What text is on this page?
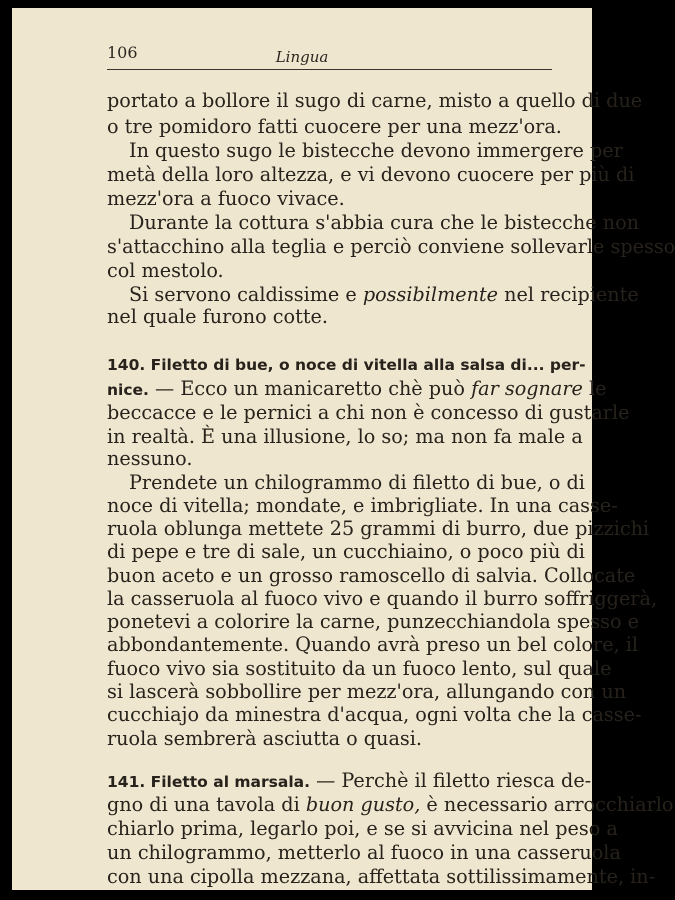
106	Lingua
portato a bollore il sugo di carne, misto a quello di due
o tre pomidoro fatti cuocere per una mezz'ora.
In questo sugo le bistecche devono immergere per
metà della loro altezza, e vi devono cuocere per più di
mezz'ora a fuoco vivace.
Durante la cottura s'abbia cura che le bistecche non
s'attacchino alla teglia e perciò conviene sollevarle spesso
col mestolo.
Si servono caldissime e possibilmente nel recipiente
nel quale furono cotte.
140. Filetto di bue, o noce di vitella alla salsa di... per-
nice. — Ecco un manicaretto chè può far sognare le
beccacce e le pernici a chi non è concesso di gustarle
in realtà. È una illusione, lo so; ma non fa male a
nessuno.
Prendete un chilogrammo di filetto di bue, o di
noce di vitella; mondate, e imbrigliate. In una casse-
ruola oblunga mettete 25 grammi di burro, due pizzichi
di pepe e tre di sale, un cucchiaino, o poco più di
buon aceto e un grosso ramoscello di salvia. Collocate
la casseruola al fuoco vivo e quando il burro soffriggerà,
ponetevi a colorire la carne, punzecchiandola spesso e
abbondantemente. Quando avrà preso un bel colore, il
fuoco vivo sia sostituito da un fuoco lento, sul quale
si lascerà sobbollire per mezz'ora, allungando con un
cucchiajo da minestra d'acqua, ogni volta che la casse-
ruola sembrerà asciutta o quasi.
141. Filetto al marsala. — Perchè il filetto riesca de-
gno di una tavola di buon gusto, è necessario arrocchiarlo
chiarlo prima, legarlo poi, e se si avvicina nel peso a
un chilogrammo, metterlo al fuoco in una casseruola
con una cipolla mezzana, affettata sottilissimamente, in-
